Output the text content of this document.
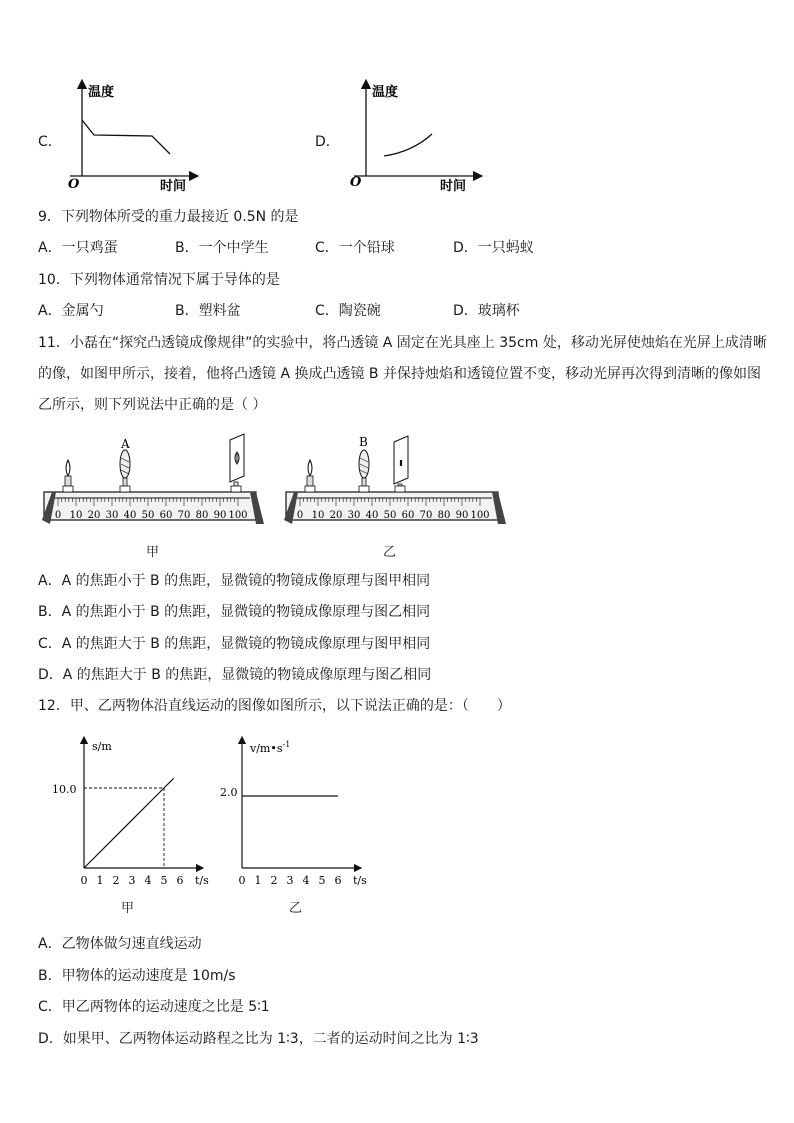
C．
温度
O	时间
D．
温度
O	时间
9．下列物体所受的重力最接近 0.5N 的是
A．一只鸡蛋	B．一个中学生	C．一个铅球	D．一只蚂蚁
10．下列物体通常情况下属于导体的是
A．金属勺	B．塑料盆	C．陶瓷碗	D．玻璃杯
11．小磊在“探究凸透镜成像规律”的实验中，将凸透镜 A 固定在光具座上 35cm 处，移动光屏使烛焰在光屏上成清晰
的像，如图甲所示，接着，他将凸透镜 A 换成凸透镜 B 并保持烛焰和透镜位置不变，移动光屏再次得到清晰的像如图
乙所示，则下列说法中正确的是（ ）
0 10 20 30 40 50 60 70 80 90 100
A
甲
0 10 20 30 40 50 60 70 80 90 100
B
乙
A．A 的焦距小于 B 的焦距，显微镜的物镜成像原理与图甲相同
B．A 的焦距小于 B 的焦距，显微镜的物镜成像原理与图乙相同
C．A 的焦距大于 B 的焦距，显微镜的物镜成像原理与图甲相同
D．A 的焦距大于 B 的焦距，显微镜的物镜成像原理与图乙相同
12．甲、乙两物体沿直线运动的图像如图所示，以下说法正确的是：（　　）
s/m
10.0
t/s
0 1 2 3 4 5 6
甲
$v/m•s^{-1}$
2.0
t/s
0 1 2 3 4 5 6
乙
A．乙物体做匀速直线运动
B．甲物体的运动速度是 10m/s
C．甲乙两物体的运动速度之比是 5∶1
D．如果甲、乙两物体运动路程之比为 1∶3，二者的运动时间之比为 1∶3
